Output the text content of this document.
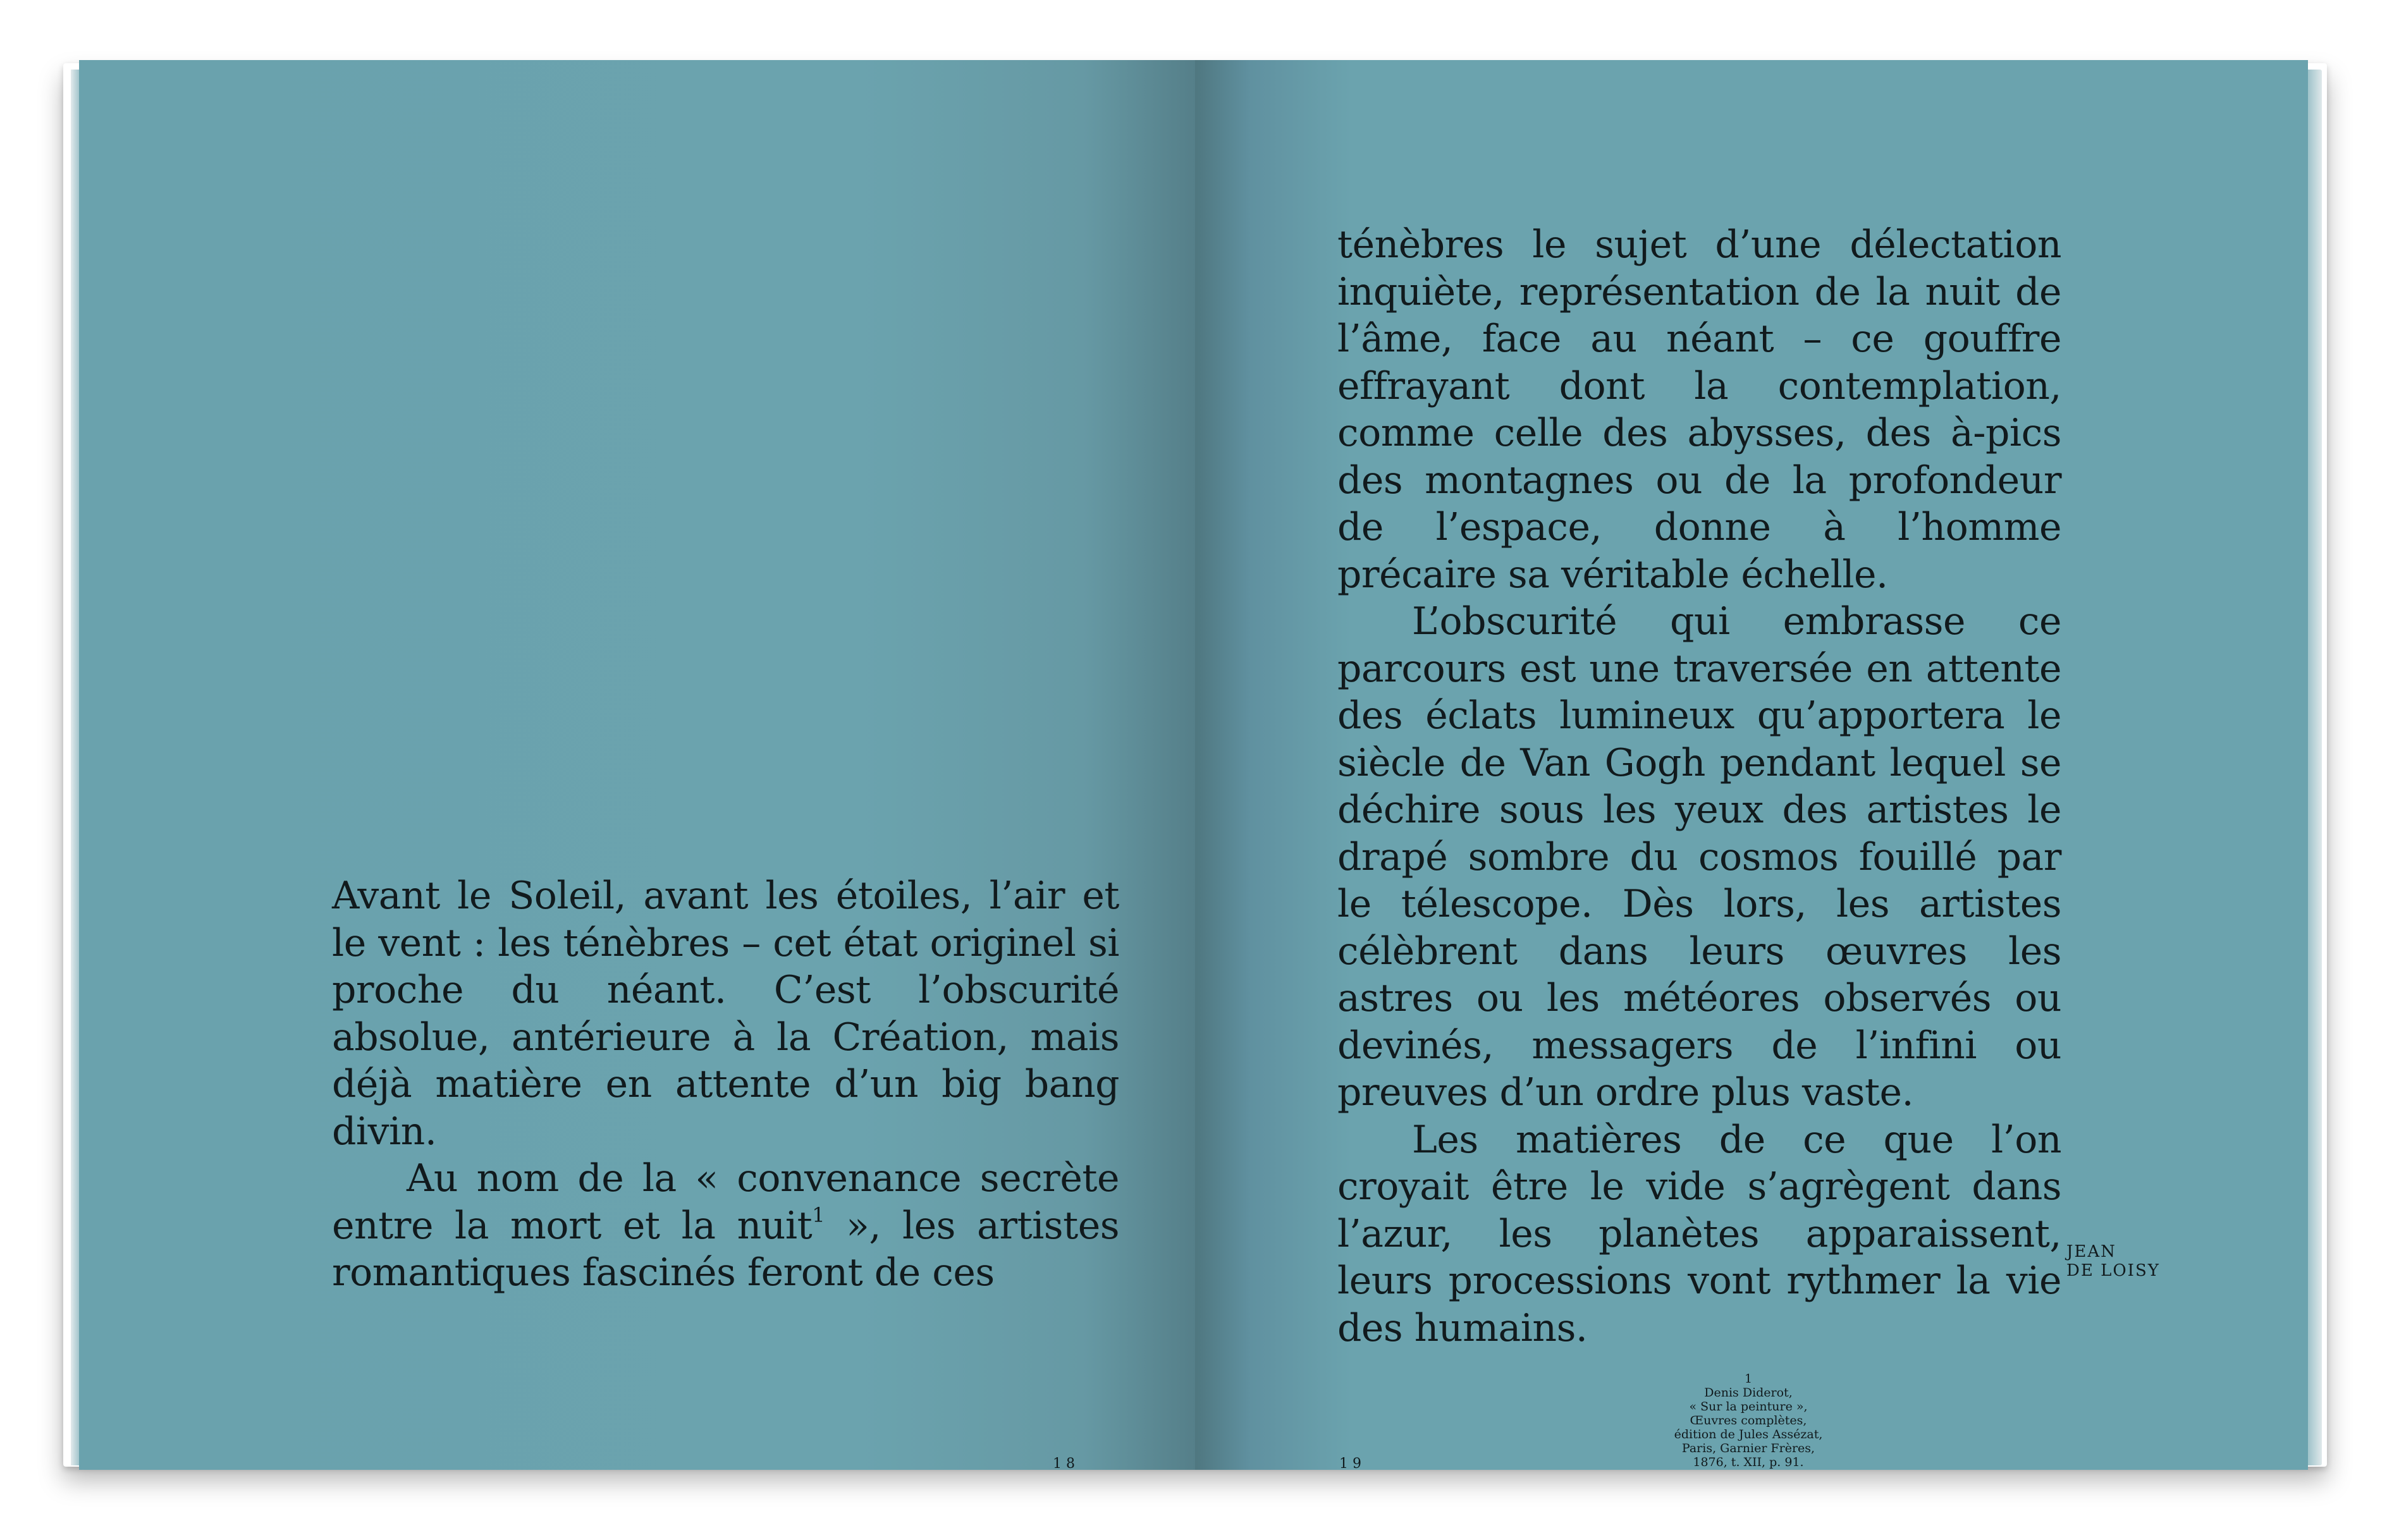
Avant le Soleil, avant les étoiles, l’air et le vent : les ténèbres – cet état originel si proche du néant. C’est l’obscurité absolue, antérieure à la Création, mais déjà matière en attente d’un big bang divin.

Au nom de la « convenance secrète entre la mort et la nuit$^1$ », les artistes romantiques fascinés feront de ces

18

ténèbres le sujet d’une délectation inquiète, représentation de la nuit de l’âme, face au néant – ce gouffre effrayant dont la contemplation, comme celle des abysses, des à-pics des montagnes ou de la profondeur de l’espace, donne à l’homme précaire sa véritable échelle.

L’obscurité qui embrasse ce parcours est une traversée en attente des éclats lumineux qu’apportera le siècle de Van Gogh pendant lequel se déchire sous les yeux des artistes le drapé sombre du cosmos fouillé par le télescope. Dès lors, les artistes célèbrent dans leurs œuvres les astres ou les météores observés ou devinés, messagers de l’infini ou preuves d’un ordre plus vaste.

Les matières de ce que l’on croyait être le vide s’agrègent dans l’azur, les planètes apparaissent, leurs processions vont rythmer la vie des humains.

JEAN
DE LOISY
1
Denis Diderot,
« Sur la peinture »,
Œuvres complètes,
édition de Jules Assézat,
Paris, Garnier Frères,
1876, t. XII, p. 91.
19
